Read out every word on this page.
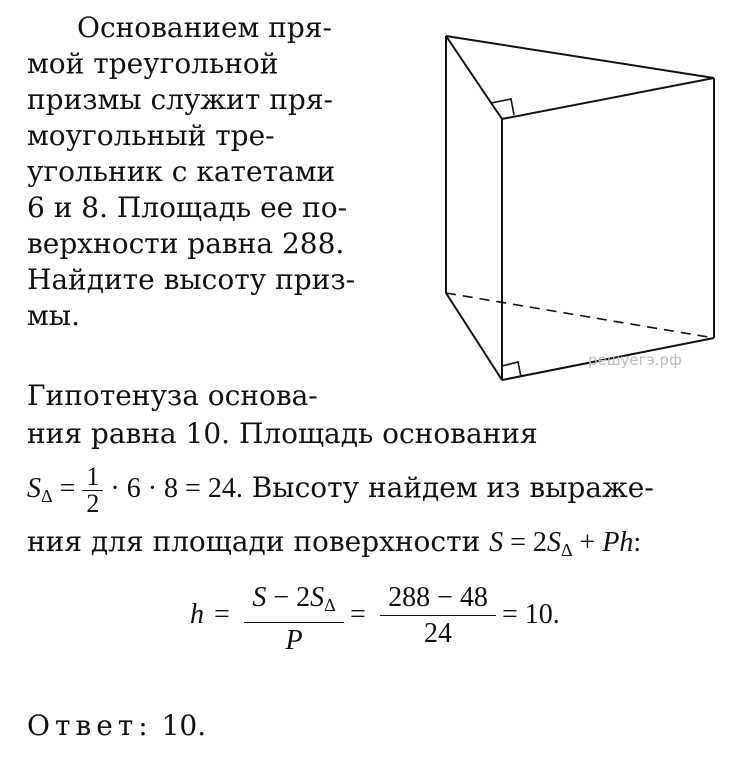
Основанием пря-
мой треугольной
призмы служит пря-
моугольный тре-
угольник с катетами
6 и 8. Площадь ее по-
верхности равна 288.
Найдите высоту приз-
мы.
решуегэ.рф
Гипотенуза основа-
ния равна 10. Площадь основания
$S_\Delta = \frac{1}{2} \cdot 6 \cdot 8 = 24$. Высоту найдем из выраже-
ния для площади поверхности $S = 2S_\Delta + Ph$:
h =
$S - 2S_\Delta$
P
=
288 − 48
24
= 10.
Ответ: 10.
